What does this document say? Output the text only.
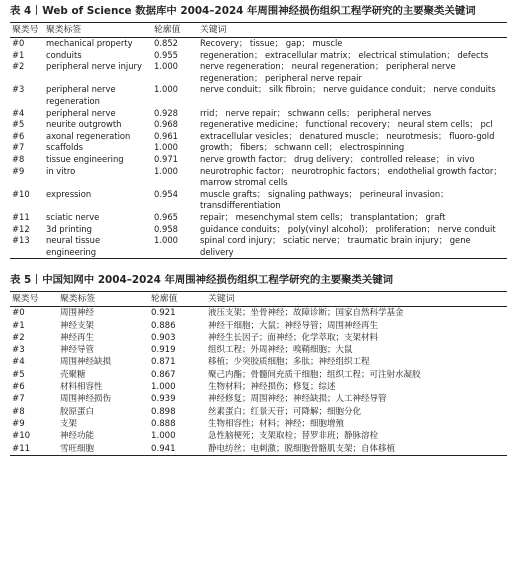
表 4 Web of Science 数据库中 2004–2024 年周围神经损伤组织工程学研究的主要聚类关键词
聚类号	聚类标签	轮廓值	关键词
#0	mechanical property	0.852	Recovery； tissue； gap； muscle
#1	conduits	0.955	regeneration； extracellular matrix； electrical stimulation； defects
#2	peripheral nerve injury	1.000	nerve regeneration； neural regeneration； peripheral nerve regeneration； peripheral nerve repair
#3	peripheral nerve regeneration	1.000	nerve conduit； silk fibroin； nerve guidance conduit； nerve conduits
#4	peripheral nerve	0.928	rrid； nerve repair； schwann cells； peripheral nerves
#5	neurite outgrowth	0.968	regenerative medicine； functional recovery； neural stem cells； pcl
#6	axonal regeneration	0.961	extracellular vesicles； denatured muscle； neurotmesis； fluoro-gold
#7	scaffolds	1.000	growth； fibers； schwann cell； electrospinning
#8	tissue engineering	0.971	nerve growth factor； drug delivery； controlled release； in vivo
#9	in vitro	1.000	neurotrophic factor； neurotrophic factors； endothelial growth factor； marrow stromal cells
#10	expression	0.954	muscle grafts； signaling pathways； perineural invasion； transdifferentiation
#11	sciatic nerve	0.965	repair； mesenchymal stem cells； transplantation； graft
#12	3d printing	0.958	guidance conduits； poly(vinyl alcohol)； proliferation； nerve conduit
#13	neural tissue engineering	1.000	spinal cord injury； sciatic nerve； traumatic brain injury； gene delivery
表 5 中国知网中 2004–2024 年周围神经损伤组织工程学研究的主要聚类关键词
聚类号	聚类标签	轮廓值	关键词
#0	周围神经	0.921	液压支架；坐骨神经；故障诊断；国家自然科学基金
#1	神经支架	0.886	神经干细胞；大鼠；神经导管；周围神经再生
#2	神经再生	0.903	神经生长因子；面神经；化学萃取；支架材料
#3	神经导管	0.919	组织工程；外周神经；嗅鞘细胞；大鼠
#4	周围神经缺损	0.871	移植；少突胶质细胞；多肽；神经组织工程
#5	壳聚糖	0.867	聚己内酯；骨髓间充质干细胞；组织工程；可注射水凝胶
#6	材料相容性	1.000	生物材料；神经损伤；修复；综述
#7	周围神经损伤	0.939	神经修复；周围神经；神经缺损；人工神经导管
#8	胶原蛋白	0.898	丝素蛋白；红景天苷；可降解；细胞分化
#9	支架	0.888	生物相容性；材料；神经；细胞增殖
#10	神经功能	1.000	急性脑梗死；支架取栓；替罗非班；静脉溶栓
#11	雪旺细胞	0.941	静电纺丝；电刺激；脱细胞骨骼肌支架；自体移植
